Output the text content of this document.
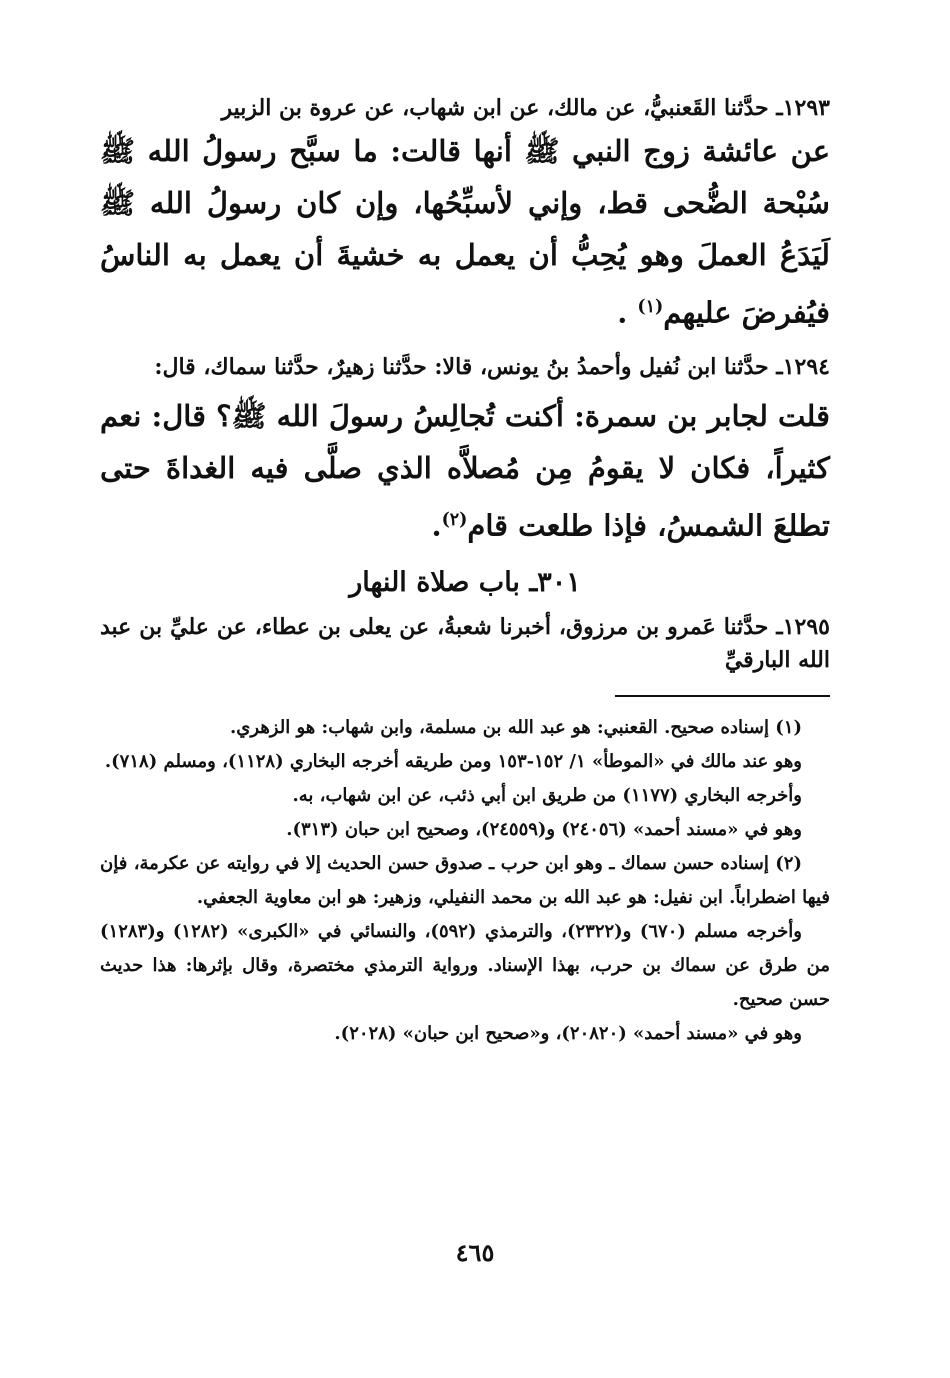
١٢٩٣ـ حدَّثنا القَعنبيُّ، عن مالك، عن ابن شهاب، عن عروة بن الزبير

عن عائشة زوج النبي ﷺ أنها قالت: ما سبَّح رسولُ الله ﷺ سُبْحة الضُّحى قط، وإني لأسبِّحُها، وإن كان رسولُ الله ﷺ لَيَدَعُ العملَ وهو يُحِبُّ أن يعمل به خشيةَ أن يعمل به الناسُ فيُفرضَ عليهم$^{(١)}$ .

١٢٩٤ـ حدَّثنا ابن نُفيل وأحمدُ بنُ يونس، قالا: حدَّثنا زهيرٌ، حدَّثنا سماك، قال:

قلت لجابر بن سمرة: أكنت تُجالِسُ رسولَ الله ﷺ؟ قال: نعم كثيراً، فكان لا يقومُ مِن مُصلاَّه الذي صلَّى فيه الغداةَ حتى تطلعَ الشمسُ، فإذا طلعت قام$^{(٢)}$.

٣٠١ـ باب صلاة النهار

١٢٩٥ـ حدَّثنا عَمرو بن مرزوق، أخبرنا شعبةُ، عن يعلى بن عطاء، عن عليِّ بن عبد الله البارقيِّ

(١) إسناده صحيح. القعنبي: هو عبد الله بن مسلمة، وابن شهاب: هو الزهري.

وهو عند مالك في «الموطأ» ١/ ١٥٢-١٥٣ ومن طريقه أخرجه البخاري (١١٢٨)، ومسلم (٧١٨).

وأخرجه البخاري (١١٧٧) من طريق ابن أبي ذئب، عن ابن شهاب، به.

وهو في «مسند أحمد» (٢٤٠٥٦) و(٢٤٥٥٩)، وصحيح ابن حبان (٣١٣).

(٢) إسناده حسن سماك ـ وهو ابن حرب ـ صدوق حسن الحديث إلا في روايته عن عكرمة، فإن فيها اضطراباً. ابن نفيل: هو عبد الله بن محمد النفيلي، وزهير: هو ابن معاوية الجعفي.

وأخرجه مسلم (٦٧٠) و(٢٣٢٢)، والترمذي (٥٩٢)، والنسائي في «الكبرى» (١٢٨٢) و(١٢٨٣) من طرق عن سماك بن حرب، بهذا الإسناد. ورواية الترمذي مختصرة، وقال بإثرها: هذا حديث حسن صحيح.

وهو في «مسند أحمد» (٢٠٨٢٠)، و«صحيح ابن حبان» (٢٠٢٨).

٤٦٥
